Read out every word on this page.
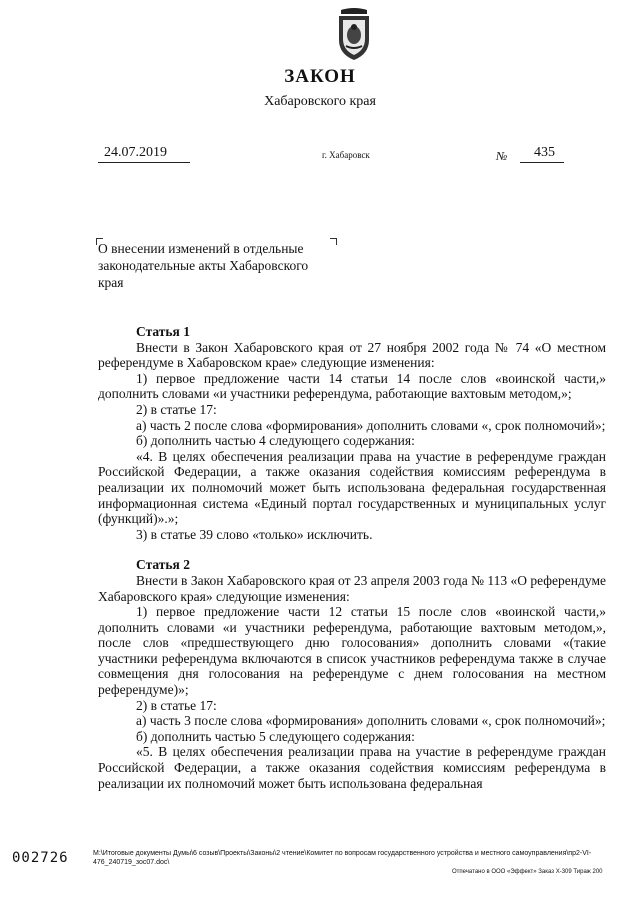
ЗАКОН
Хабаровского края
24.07.2019	г. Хабаровск	№ 435
О внесении изменений в отдельные законодательные акты Хабаровского края

Статья 1

Внести в Закон Хабаровского края от 27 ноября 2002 года № 74 «О местном референдуме в Хабаровском крае» следующие изменения:

1) первое предложение части 14 статьи 14 после слов «воинской части,» дополнить словами «и участники референдума, работающие вахтовым методом,»;

2) в статье 17:

а) часть 2 после слова «формирования» дополнить словами «, срок полномочий»;

б) дополнить частью 4 следующего содержания:

«4. В целях обеспечения реализации права на участие в референдуме граждан Российской Федерации, а также оказания содействия комиссиям референдума в реализации их полномочий может быть использована федеральная государственная информационная система «Единый портал государственных и муниципальных услуг (функций)».»;

3) в статье 39 слово «только» исключить.

Статья 2

Внести в Закон Хабаровского края от 23 апреля 2003 года № 113 «О референдуме Хабаровского края» следующие изменения:

1) первое предложение части 12 статьи 15 после слов «воинской части,» дополнить словами «и участники референдума, работающие вахтовым методом,», после слов «предшествующего дню голосования» дополнить словами «(такие участники референдума включаются в список участников референдума также в случае совмещения дня голосования на референдуме с днем голосования на местном референдуме)»;

2) в статье 17:

а) часть 3 после слова «формирования» дополнить словами «, срок полномочий»;

б) дополнить частью 5 следующего содержания:

«5. В целях обеспечения реализации права на участие в референдуме граждан Российской Федерации, а также оказания содействия комиссиям референдума в реализации их полномочий может быть использована федеральная

002726	М:\Итоговые документы Думы\6 созыв\Проекты\Законы\2 чтение\Комитет по вопросам государственного устройства и местного самоуправления\пр2-VI-476_240719_зос07.doc\
Отпечатано в ООО «Эффект» Заказ Х-309 Тираж 200
